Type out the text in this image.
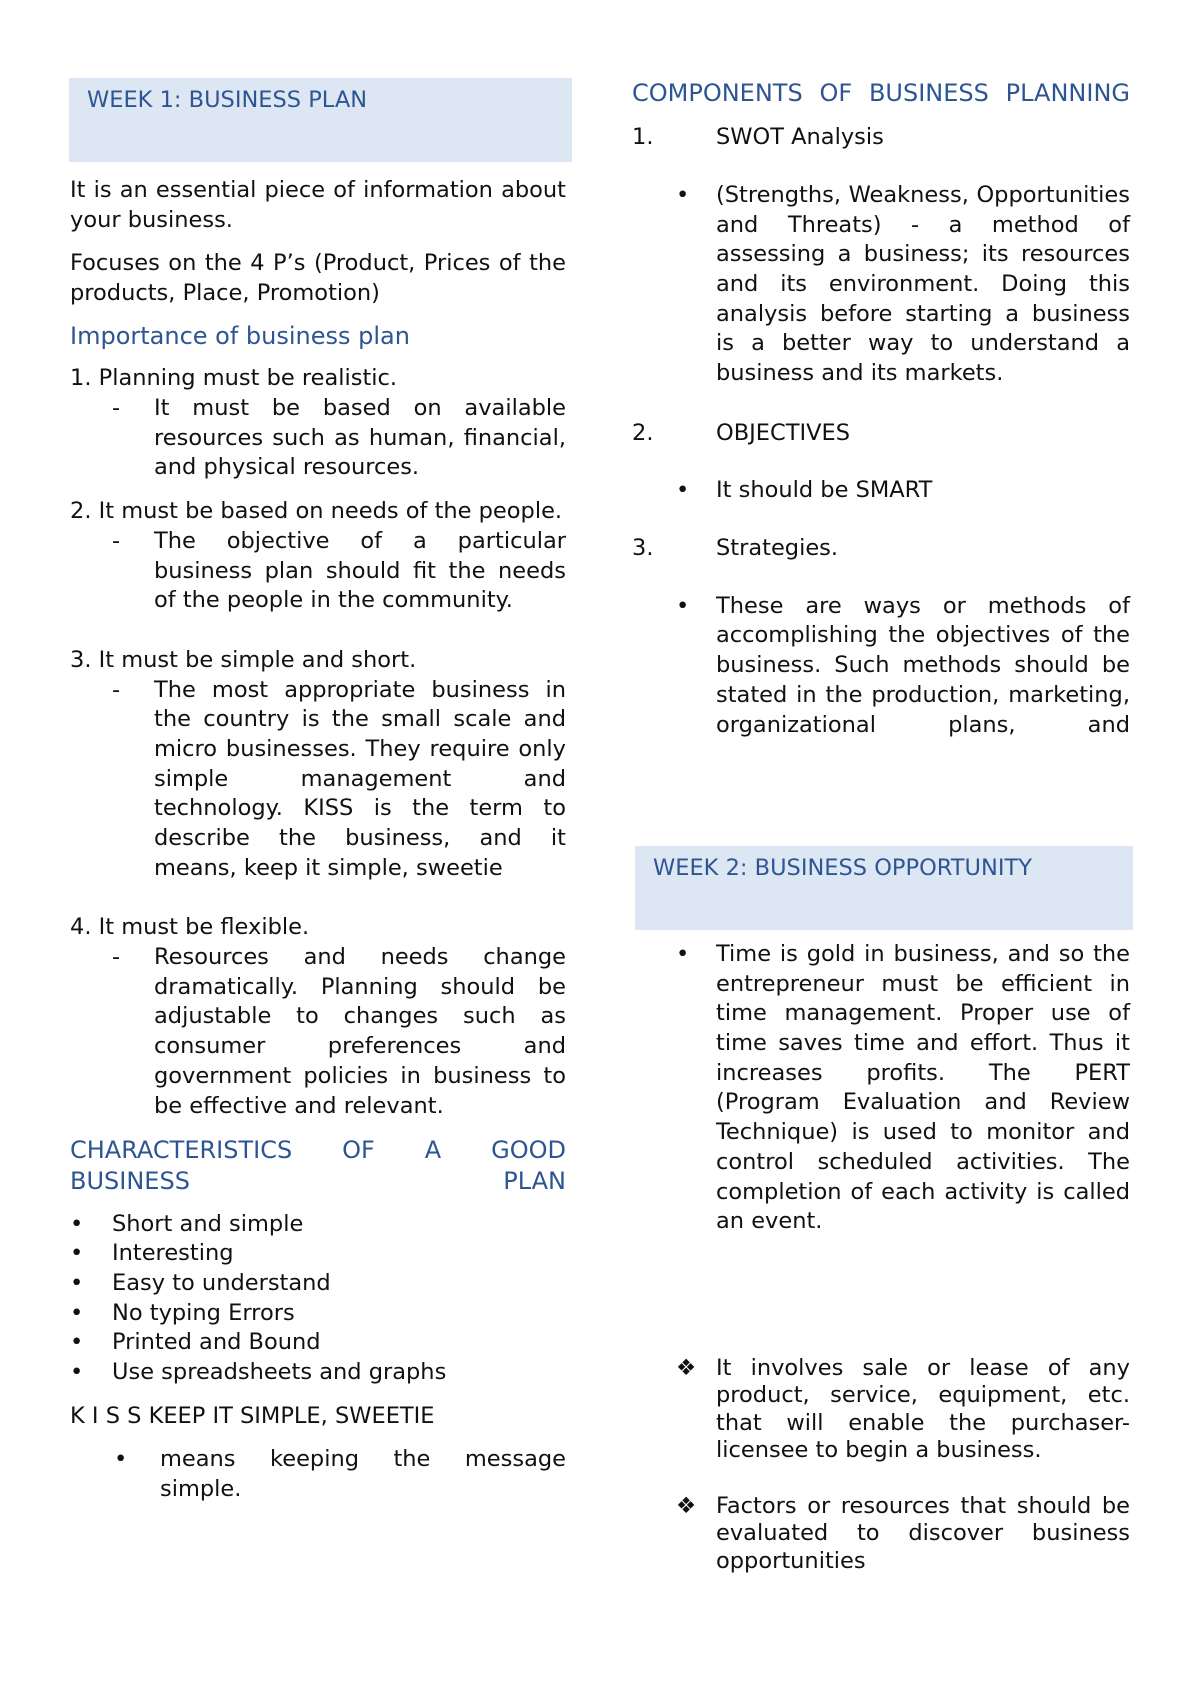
WEEK 1: BUSINESS PLAN

It is an essential piece of information about your business.

Focuses on the 4 P’s (Product, Prices of the products, Place, Promotion)

Importance of business plan

1. Planning must be realistic.

- It must be based on available resources such as human, financial, and physical resources.

2. It must be based on needs of the people.

- The objective of a particular business plan should fit the needs of the people in the community.

3. It must be simple and short.

- The most appropriate business in the country is the small scale and micro businesses. They require only simple management and technology. KISS is the term to describe the business, and it means, keep it simple, sweetie

4. It must be flexible.

- Resources and needs change dramatically. Planning should be adjustable to changes such as consumer preferences and government policies in business to be effective and relevant.

CHARACTERISTICS OF A GOOD BUSINESS PLAN

• Short and simple
• Interesting
• Easy to understand
• No typing Errors
• Printed and Bound
• Use spreadsheets and graphs

K I S S KEEP IT SIMPLE, SWEETIE

• means keeping the message simple.

COMPONENTS OF BUSINESS PLANNING

1.	SWOT Analysis
• (Strengths, Weakness, Opportunities and Threats) - a method of assessing a business; its resources and its environment. Doing this analysis before starting a business is a better way to understand a business and its markets.
2.	OBJECTIVES
• It should be SMART
3.	Strategies.
• These are ways or methods of accomplishing the objectives of the business. Such methods should be stated in the production, marketing, organizational plans, and
WEEK 2: BUSINESS OPPORTUNITY
• Time is gold in business, and so the entrepreneur must be efficient in time management. Proper use of time saves time and effort. Thus it increases profits. The PERT (Program Evaluation and Review Technique) is used to monitor and control scheduled activities. The completion of each activity is called an event.
❖ It involves sale or lease of any product, service, equipment, etc. that will enable the purchaser-licensee to begin a business.
❖ Factors or resources that should be evaluated to discover business opportunities
